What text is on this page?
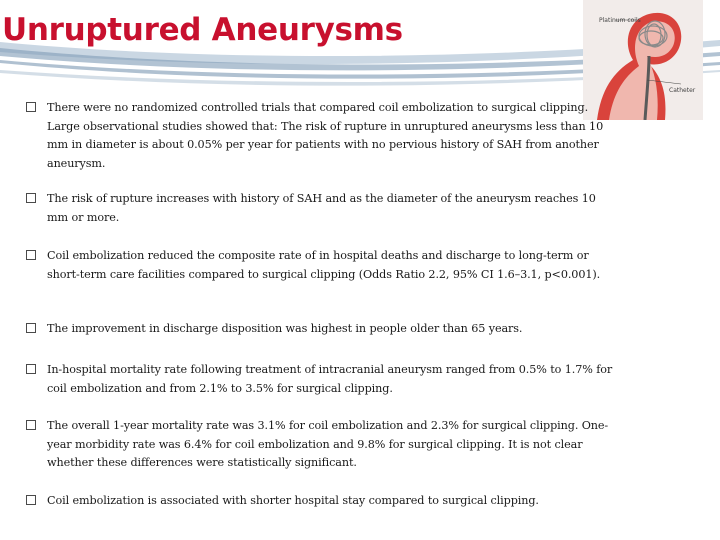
Unruptured Aneurysms	Platinum coils
Catheter
There were no randomized controlled trials that compared coil embolization to surgical clipping. Large observational studies showed that: The risk of rupture in unruptured aneurysms less than 10 mm in diameter is about 0.05% per year for patients with no pervious history of SAH from another aneurysm.
The risk of rupture increases with history of SAH and as the diameter of the aneurysm reaches 10 mm or more.
Coil embolization reduced the composite rate of in hospital deaths and discharge to long-term or short-term care facilities compared to surgical clipping (Odds Ratio 2.2, 95% CI 1.6–3.1, p<0.001).
The improvement in discharge disposition was highest in people older than 65 years.
In-hospital mortality rate following treatment of intracranial aneurysm ranged from 0.5% to 1.7% for coil embolization and from 2.1% to 3.5% for surgical clipping.
The overall 1-year mortality rate was 3.1% for coil embolization and 2.3% for surgical clipping. One-year morbidity rate was 6.4% for coil embolization and 9.8% for surgical clipping. It is not clear whether these differences were statistically significant.
Coil embolization is associated with shorter hospital stay compared to surgical clipping.
